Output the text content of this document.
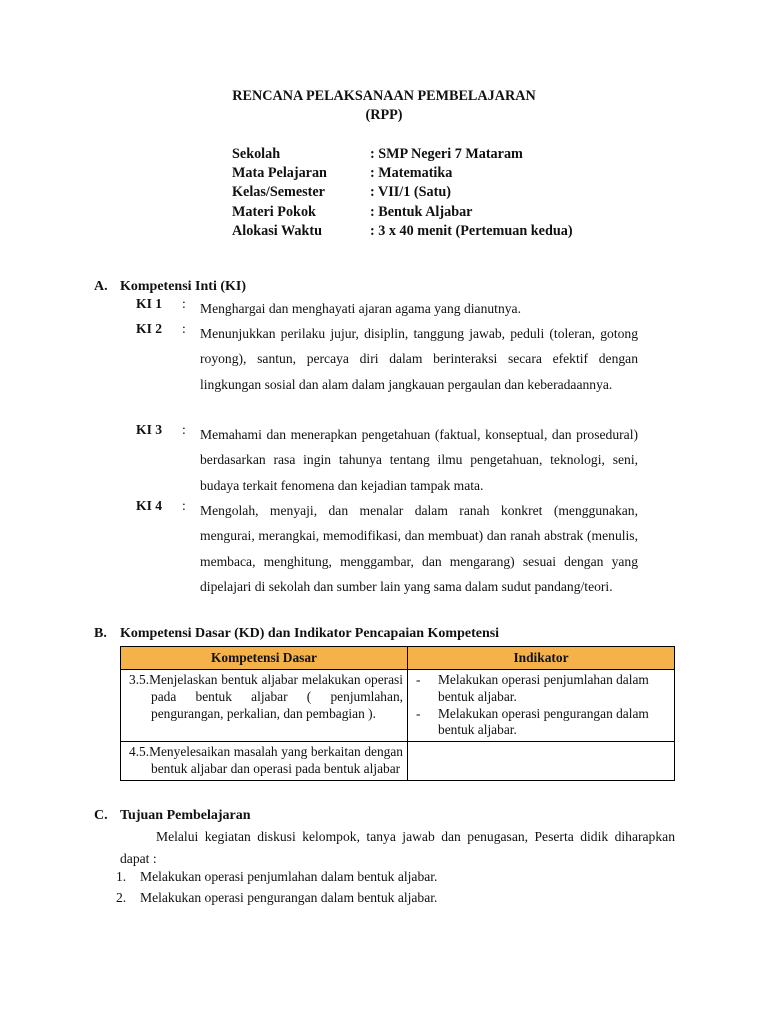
RENCANA PELAKSANAAN PEMBELAJARAN
(RPP)
Sekolah	: SMP Negeri 7 Mataram
Mata Pelajaran	: Matematika
Kelas/Semester	: VII/1 (Satu)
Materi Pokok	: Bentuk Aljabar
Alokasi Waktu	: 3 x 40 menit (Pertemuan kedua)
A. Kompetensi Inti (KI)
KI 1 : Menghargai dan menghayati ajaran agama yang dianutnya.
KI 2 : Menunjukkan perilaku jujur, disiplin, tanggung jawab, peduli (toleran, gotong royong), santun, percaya diri dalam berinteraksi secara efektif dengan lingkungan sosial dan alam dalam jangkauan pergaulan dan keberadaannya.
KI 3 : Memahami dan menerapkan pengetahuan (faktual, konseptual, dan prosedural) berdasarkan rasa ingin tahunya tentang ilmu pengetahuan, teknologi, seni, budaya terkait fenomena dan kejadian tampak mata.
KI 4 : Mengolah, menyaji, dan menalar dalam ranah konkret (menggunakan, mengurai, merangkai, memodifikasi, dan membuat) dan ranah abstrak (menulis, membaca, menghitung, menggambar, dan mengarang) sesuai dengan yang dipelajari di sekolah dan sumber lain yang sama dalam sudut pandang/teori.
B. Kompetensi Dasar (KD) dan Indikator Pencapaian Kompetensi
Kompetensi Dasar	Indikator

3.5.Menjelaskan bentuk aljabar melakukan operasi pada bentuk aljabar ( penjumlahan, pengurangan, perkalian, dan pembagian ).	- Melakukan operasi penjumlahan dalam bentuk aljabar.
- Melakukan operasi pengurangan dalam bentuk aljabar.

4.5.Menyelesaikan masalah yang berkaitan dengan bentuk aljabar dan operasi pada bentuk aljabar	

C. Tujuan Pembelajaran
Melalui kegiatan diskusi kelompok, tanya jawab dan penugasan, Peserta didik diharapkan dapat :
1.	Melakukan operasi penjumlahan dalam bentuk aljabar.
2.	Melakukan operasi pengurangan dalam bentuk aljabar.
